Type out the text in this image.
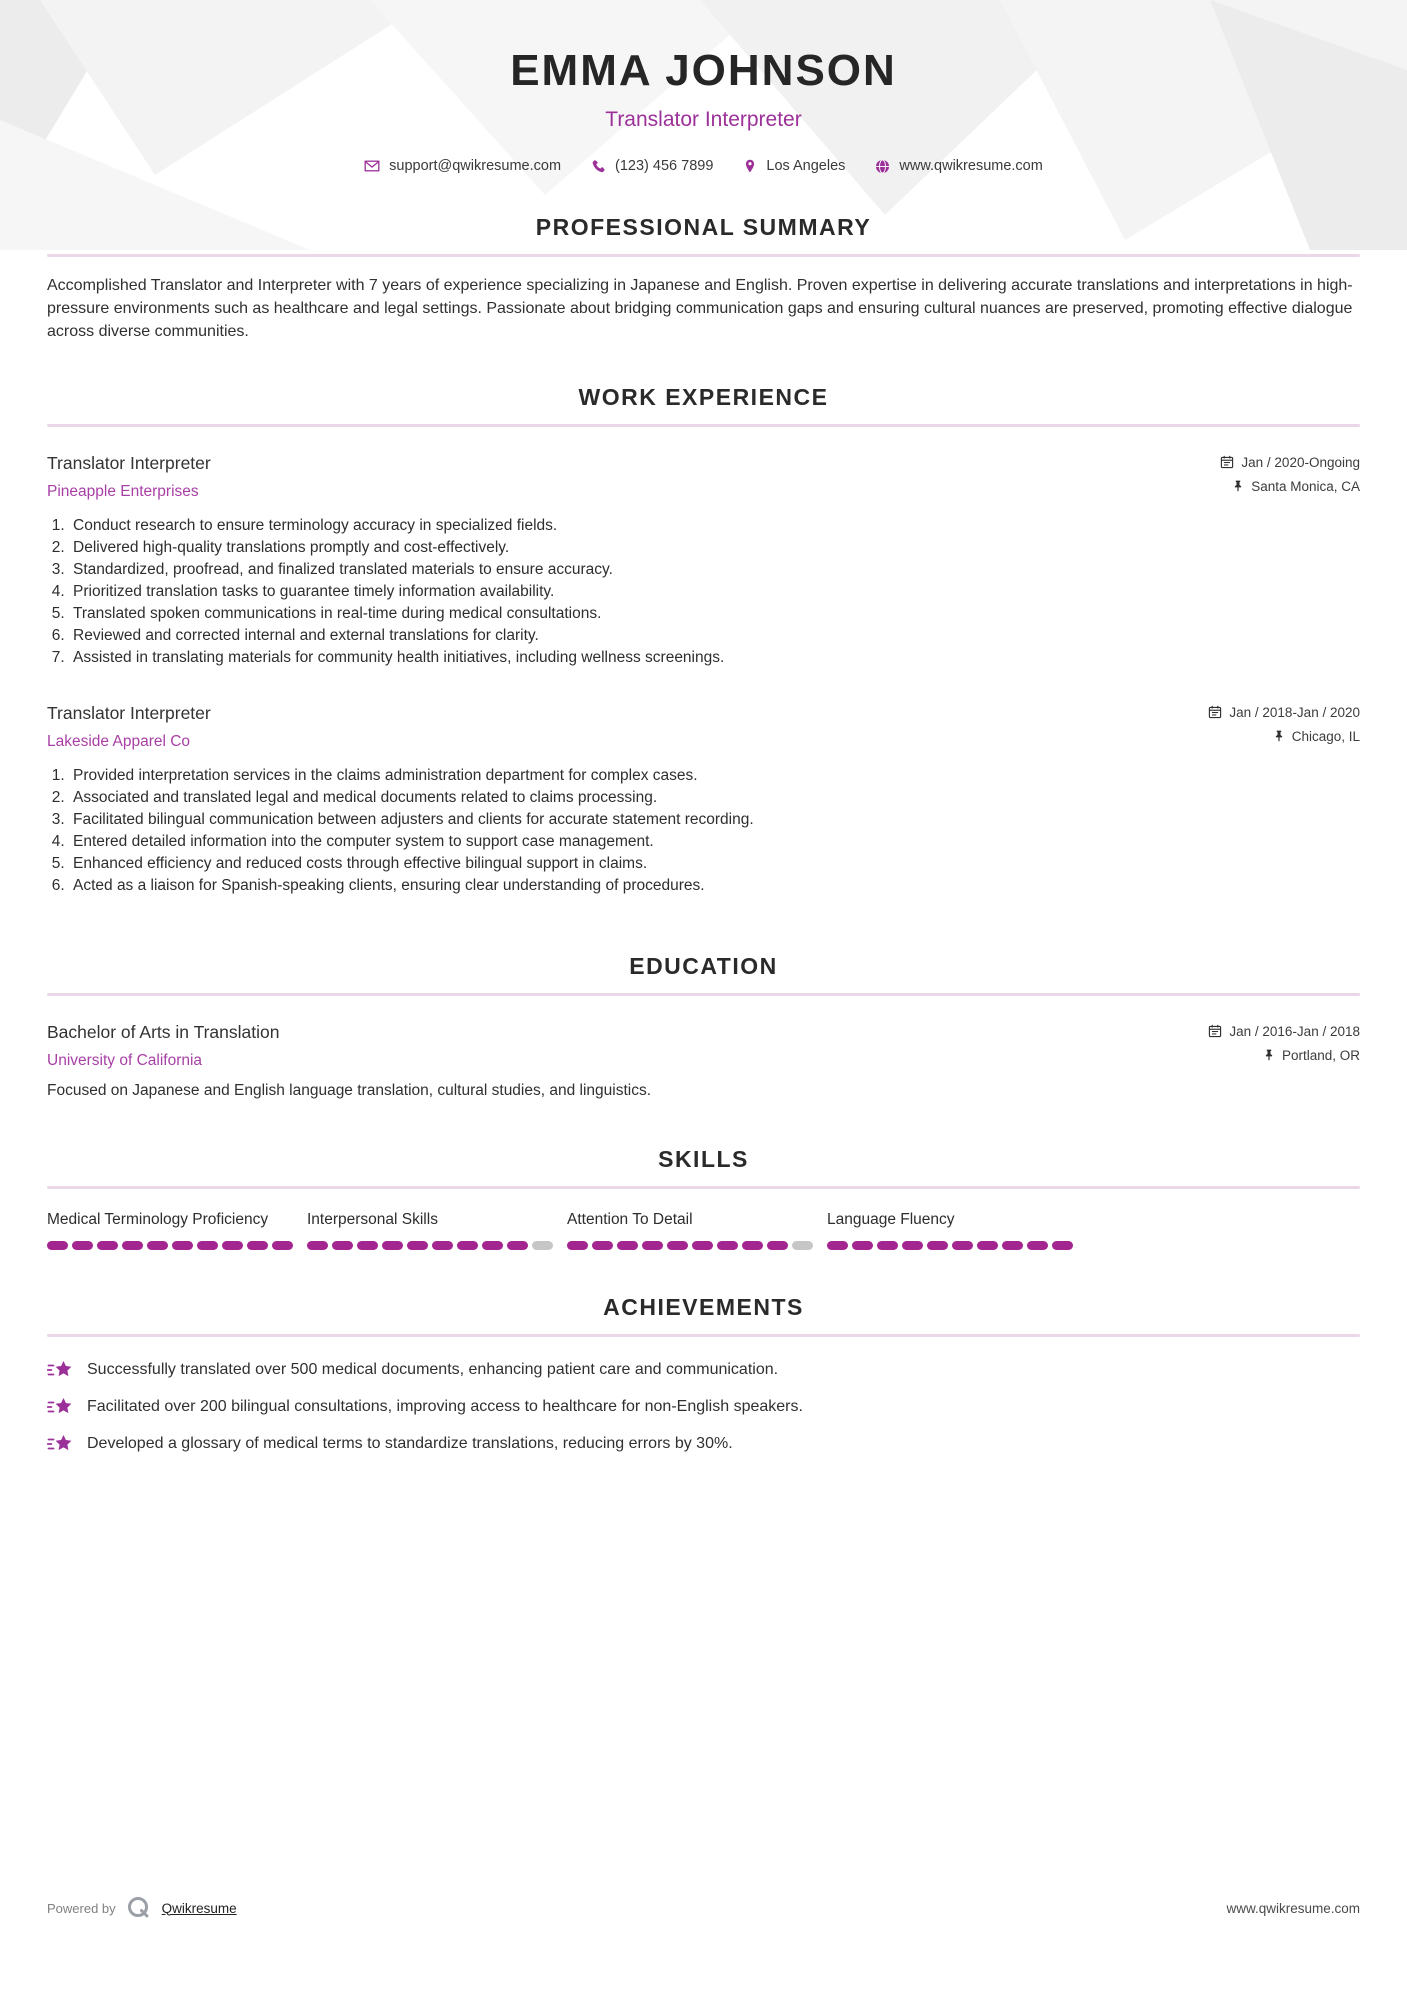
EMMA JOHNSON
Translator Interpreter
support@qwikresume.com	(123) 456 7899	Los Angeles	www.qwikresume.com
PROFESSIONAL SUMMARY

Accomplished Translator and Interpreter with 7 years of experience specializing in Japanese and English. Proven expertise in delivering accurate translations and interpretations in high-pressure environments such as healthcare and legal settings. Passionate about bridging communication gaps and ensuring cultural nuances are preserved, promoting effective dialogue across diverse communities.

WORK EXPERIENCE
Translator Interpreter
Pineapple Enterprises
Jan / 2020-Ongoing
Santa Monica, CA
1. Conduct research to ensure terminology accuracy in specialized fields.
2. Delivered high-quality translations promptly and cost-effectively.
3. Standardized, proofread, and finalized translated materials to ensure accuracy.
4. Prioritized translation tasks to guarantee timely information availability.
5. Translated spoken communications in real-time during medical consultations.
6. Reviewed and corrected internal and external translations for clarity.
7. Assisted in translating materials for community health initiatives, including wellness screenings.
Translator Interpreter
Lakeside Apparel Co
Jan / 2018-Jan / 2020
Chicago, IL
1. Provided interpretation services in the claims administration department for complex cases.
2. Associated and translated legal and medical documents related to claims processing.
3. Facilitated bilingual communication between adjusters and clients for accurate statement recording.
4. Entered detailed information into the computer system to support case management.
5. Enhanced efficiency and reduced costs through effective bilingual support in claims.
6. Acted as a liaison for Spanish-speaking clients, ensuring clear understanding of procedures.
EDUCATION
Bachelor of Arts in Translation
University of California
Jan / 2016-Jan / 2018
Portland, OR
Focused on Japanese and English language translation, cultural studies, and linguistics.
SKILLS
Medical Terminology Proficiency	Interpersonal Skills	Attention To Detail	Language Fluency
ACHIEVEMENTS
Successfully translated over 500 medical documents, enhancing patient care and communication.
Facilitated over 200 bilingual consultations, improving access to healthcare for non-English speakers.
Developed a glossary of medical terms to standardize translations, reducing errors by 30%.
Powered by	Qwikresume	www.qwikresume.com
